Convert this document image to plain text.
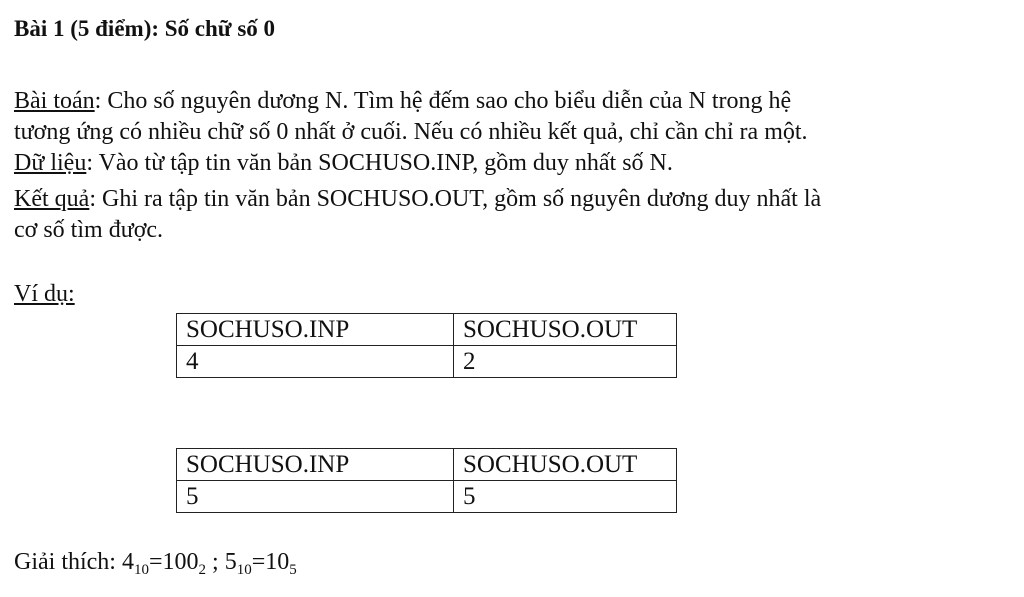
Bài 1 (5 điểm): Số chữ số 0
Bài toán: Cho số nguyên dương N. Tìm hệ đếm sao cho biểu diễn của N trong hệ
tương ứng có nhiều chữ số 0 nhất ở cuối. Nếu có nhiều kết quả, chỉ cần chỉ ra một.
Dữ liệu: Vào từ tập tin văn bản SOCHUSO.INP, gồm duy nhất số N.
Kết quả: Ghi ra tập tin văn bản SOCHUSO.OUT, gồm số nguyên dương duy nhất là
cơ số tìm được.
Ví dụ:
SOCHUSO.INP	SOCHUSO.OUT
4	2
SOCHUSO.INP	SOCHUSO.OUT
5	5
Giải thích: $4_{10}=100_2$ ; $5_{10}=10_5$
